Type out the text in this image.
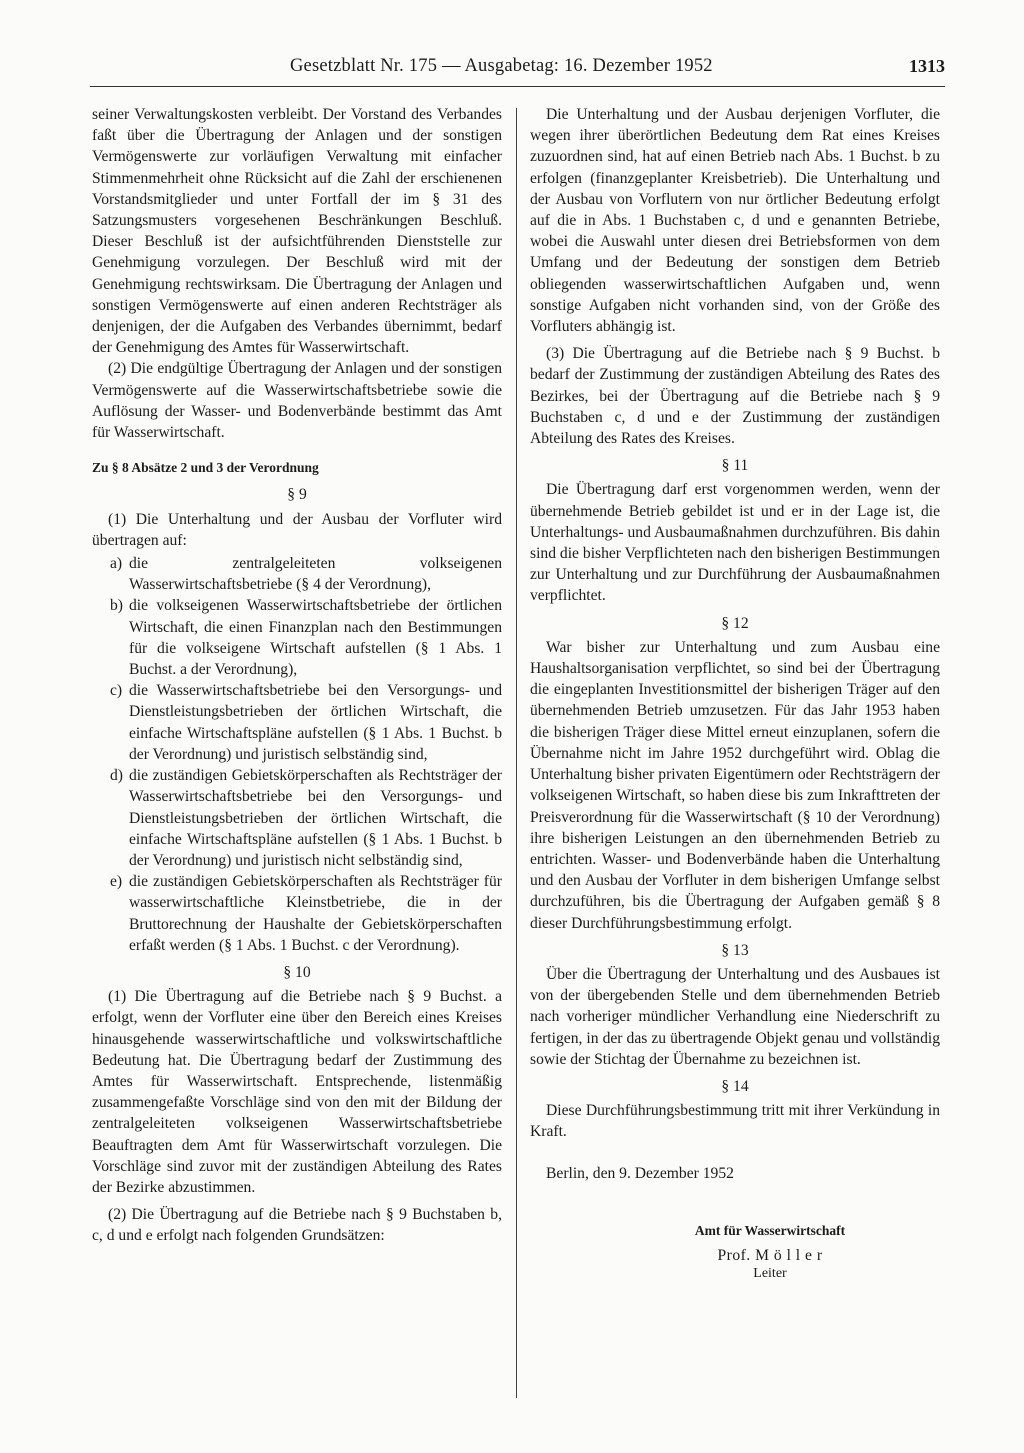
Gesetzblatt Nr. 175 — Ausgabetag: 16. Dezember 1952	1313

seiner Verwaltungskosten verbleibt. Der Vorstand des Verbandes faßt über die Übertragung der Anlagen und der sonstigen Vermögenswerte zur vorläufigen Verwaltung mit einfacher Stimmenmehrheit ohne Rücksicht auf die Zahl der erschienenen Vorstandsmitglieder und unter Fortfall der im § 31 des Satzungsmusters vorgesehenen Beschränkungen Beschluß. Dieser Beschluß ist der aufsichtführenden Dienststelle zur Genehmigung vorzulegen. Der Beschluß wird mit der Genehmigung rechtswirksam. Die Übertragung der Anlagen und sonstigen Vermögenswerte auf einen anderen Rechtsträger als denjenigen, der die Aufgaben des Verbandes übernimmt, bedarf der Genehmigung des Amtes für Wasserwirtschaft.

(2) Die endgültige Übertragung der Anlagen und der sonstigen Vermögenswerte auf die Wasserwirtschaftsbetriebe sowie die Auflösung der Wasser- und Bodenverbände bestimmt das Amt für Wasserwirtschaft.

Zu § 8 Absätze 2 und 3 der Verordnung
§ 9

(1) Die Unterhaltung und der Ausbau der Vorfluter wird übertragen auf:

a) die zentralgeleiteten volkseigenen Wasserwirtschaftsbetriebe (§ 4 der Verordnung),
b) die volkseigenen Wasserwirtschaftsbetriebe der örtlichen Wirtschaft, die einen Finanzplan nach den Bestimmungen für die volkseigene Wirtschaft aufstellen (§ 1 Abs. 1 Buchst. a der Verordnung),
c) die Wasserwirtschaftsbetriebe bei den Versorgungs- und Dienstleistungsbetrieben der örtlichen Wirtschaft, die einfache Wirtschaftspläne aufstellen (§ 1 Abs. 1 Buchst. b der Verordnung) und juristisch selbständig sind,
d) die zuständigen Gebietskörperschaften als Rechtsträger der Wasserwirtschaftsbetriebe bei den Versorgungs- und Dienstleistungsbetrieben der örtlichen Wirtschaft, die einfache Wirtschaftspläne aufstellen (§ 1 Abs. 1 Buchst. b der Verordnung) und juristisch nicht selbständig sind,
e) die zuständigen Gebietskörperschaften als Rechtsträger für wasserwirtschaftliche Kleinstbetriebe, die in der Bruttorechnung der Haushalte der Gebietskörperschaften erfaßt werden (§ 1 Abs. 1 Buchst. c der Verordnung).
§ 10

(1) Die Übertragung auf die Betriebe nach § 9 Buchst. a erfolgt, wenn der Vorfluter eine über den Bereich eines Kreises hinausgehende wasserwirtschaftliche und volkswirtschaftliche Bedeutung hat. Die Übertragung bedarf der Zustimmung des Amtes für Wasserwirtschaft. Entsprechende, listenmäßig zusammengefaßte Vorschläge sind von den mit der Bildung der zentralgeleiteten volkseigenen Wasserwirtschaftsbetriebe Beauftragten dem Amt für Wasserwirtschaft vorzulegen. Die Vorschläge sind zuvor mit der zuständigen Abteilung des Rates der Bezirke abzustimmen.

(2) Die Übertragung auf die Betriebe nach § 9 Buchstaben b, c, d und e erfolgt nach folgenden Grundsätzen:

Die Unterhaltung und der Ausbau derjenigen Vorfluter, die wegen ihrer überörtlichen Bedeutung dem Rat eines Kreises zuzuordnen sind, hat auf einen Betrieb nach Abs. 1 Buchst. b zu erfolgen (finanzgeplanter Kreisbetrieb). Die Unterhaltung und der Ausbau von Vorflutern von nur örtlicher Bedeutung erfolgt auf die in Abs. 1 Buchstaben c, d und e genannten Betriebe, wobei die Auswahl unter diesen drei Betriebsformen von dem Umfang und der Bedeutung der sonstigen dem Betrieb obliegenden wasserwirtschaftlichen Aufgaben und, wenn sonstige Aufgaben nicht vorhanden sind, von der Größe des Vorfluters abhängig ist.

(3) Die Übertragung auf die Betriebe nach § 9 Buchst. b bedarf der Zustimmung der zuständigen Abteilung des Rates des Bezirkes, bei der Übertragung auf die Betriebe nach § 9 Buchstaben c, d und e der Zustimmung der zuständigen Abteilung des Rates des Kreises.

§ 11

Die Übertragung darf erst vorgenommen werden, wenn der übernehmende Betrieb gebildet ist und er in der Lage ist, die Unterhaltungs- und Ausbaumaßnahmen durchzuführen. Bis dahin sind die bisher Verpflichteten nach den bisherigen Bestimmungen zur Unterhaltung und zur Durchführung der Ausbaumaßnahmen verpflichtet.

§ 12

War bisher zur Unterhaltung und zum Ausbau eine Haushaltsorganisation verpflichtet, so sind bei der Übertragung die eingeplanten Investitionsmittel der bisherigen Träger auf den übernehmenden Betrieb umzusetzen. Für das Jahr 1953 haben die bisherigen Träger diese Mittel erneut einzuplanen, sofern die Übernahme nicht im Jahre 1952 durchgeführt wird. Oblag die Unterhaltung bisher privaten Eigentümern oder Rechtsträgern der volkseigenen Wirtschaft, so haben diese bis zum Inkrafttreten der Preisverordnung für die Wasserwirtschaft (§ 10 der Verordnung) ihre bisherigen Leistungen an den übernehmenden Betrieb zu entrichten. Wasser- und Bodenverbände haben die Unterhaltung und den Ausbau der Vorfluter in dem bisherigen Umfange selbst durchzuführen, bis die Übertragung der Aufgaben gemäß § 8 dieser Durchführungsbestimmung erfolgt.

§ 13

Über die Übertragung der Unterhaltung und des Ausbaues ist von der übergebenden Stelle und dem übernehmenden Betrieb nach vorheriger mündlicher Verhandlung eine Niederschrift zu fertigen, in der das zu übertragende Objekt genau und vollständig sowie der Stichtag der Übernahme zu bezeichnen ist.

§ 14

Diese Durchführungsbestimmung tritt mit ihrer Verkündung in Kraft.

Berlin, den 9. Dezember 1952

Amt für Wasserwirtschaft
Prof. M ö l l e r
Leiter
